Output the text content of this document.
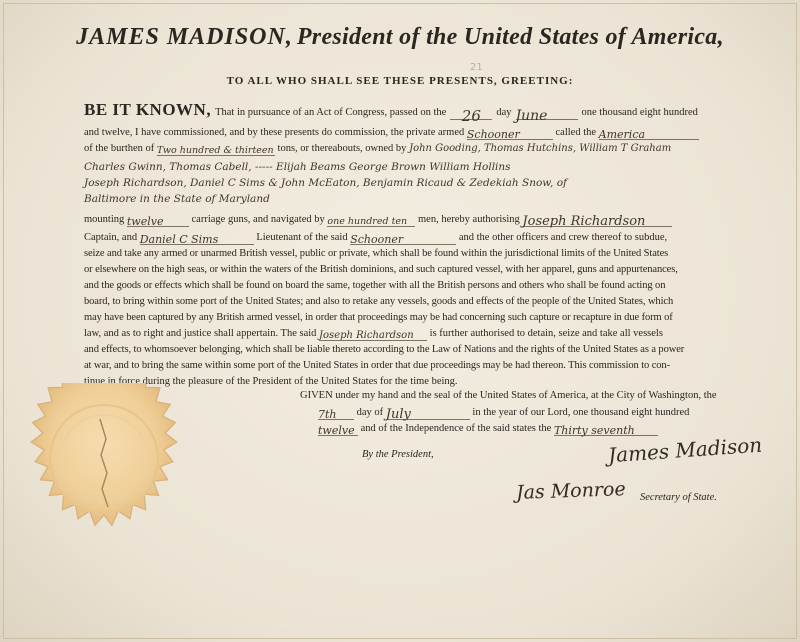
JAMES MADISON, President of the United States of America,
TO ALL WHO SHALL SEE THESE PRESENTS, GREETING:
21
BE IT KNOWN, That in pursuance of an Act of Congress, passed on the 26 day June	one thousand eight hundred
and twelve, I have commissioned, and by these presents do commission, the private armed Schooner	called the America
of the burthen of Two hundred & thirteen tons, or thereabouts, owned by John Gooding, Thomas Hutchins, William T Graham
Charles Gwinn, Thomas Cabell, ----- Elijah Beams George Brown William Hollins
Joseph Richardson, Daniel C Sims & John McEaton, Benjamin Ricaud & Zedekiah Snow, of
Baltimore in the State of Maryland
mounting twelve	carriage guns, and navigated by one hundred ten men, hereby authorising Joseph Richardson
Captain, and Daniel C Sims	Lieutenant of the said Schooner	and the other officers and crew thereof to subdue,
seize and take any armed or unarmed British vessel, public or private, which shall be found within the jurisdictional limits of the United States
or elsewhere on the high seas, or within the waters of the British dominions, and such captured vessel, with her apparel, guns and appurtenances,
and the goods or effects which shall be found on board the same, together with all the British persons and others who shall be found acting on
board, to bring within some port of the United States; and also to retake any vessels, goods and effects of the people of the United States, which
may have been captured by any British armed vessel, in order that proceedings may be had concerning such capture or recapture in due form of
law, and as to right and justice shall appertain. The said Joseph Richardson is further authorised to detain, seize and take all vessels
and effects, to whomsoever belonging, which shall be liable thereto according to the Law of Nations and the rights of the United States as a power
at war, and to bring the same within some port of the United States in order that due proceedings may be had thereon. This commission to con-
tinue in force during the pleasure of the President of the United States for the time being.
GIVEN under my hand and the seal of the United States of America, at the City of Washington, the
7th day of July	in the year of our Lord, one thousand eight hundred
twelve and of the Independence of the said states the Thirty seventh
By the President,	James Madison
Jas Monroe Secretary of State.
